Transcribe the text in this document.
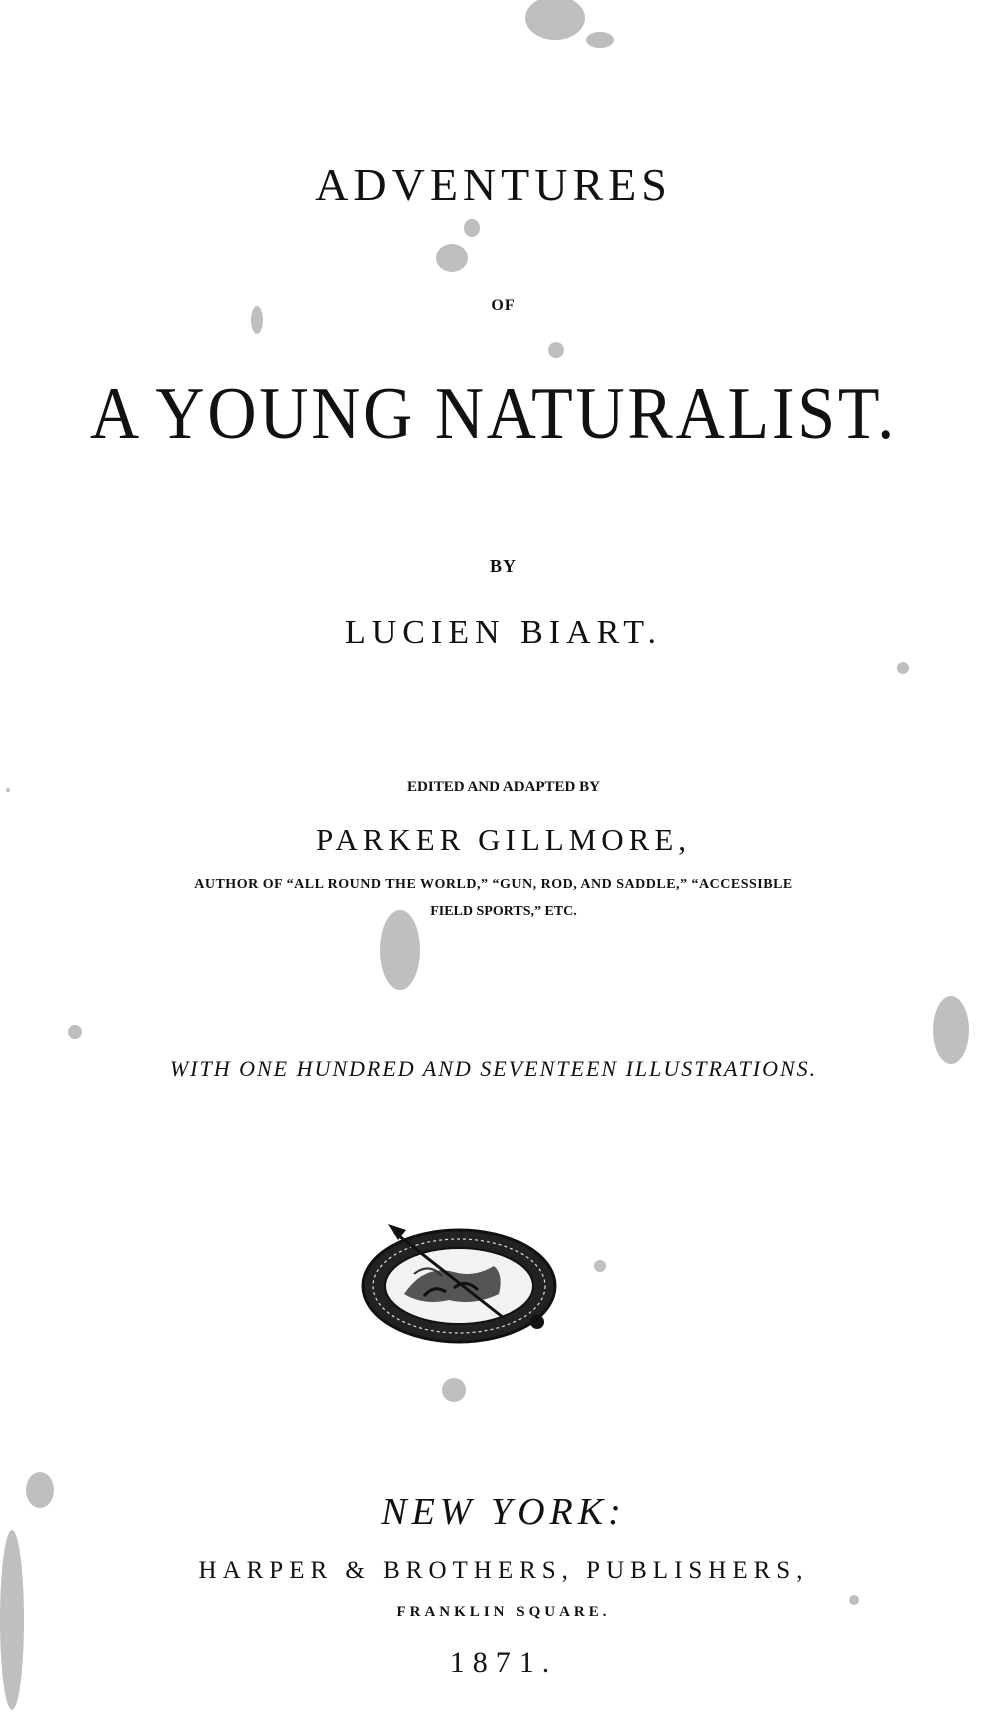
ADVENTURES
OF
A YOUNG NATURALIST.
BY
LUCIEN BIART.
EDITED AND ADAPTED BY
PARKER GILLMORE,
AUTHOR OF “ALL ROUND THE WORLD,” “GUN, ROD, AND SADDLE,” “ACCESSIBLE
FIELD SPORTS,” ETC.
WITH ONE HUNDRED AND SEVENTEEN ILLUSTRATIONS.
NEW YORK:
HARPER & BROTHERS, PUBLISHERS,
FRANKLIN SQUARE.
1871.
